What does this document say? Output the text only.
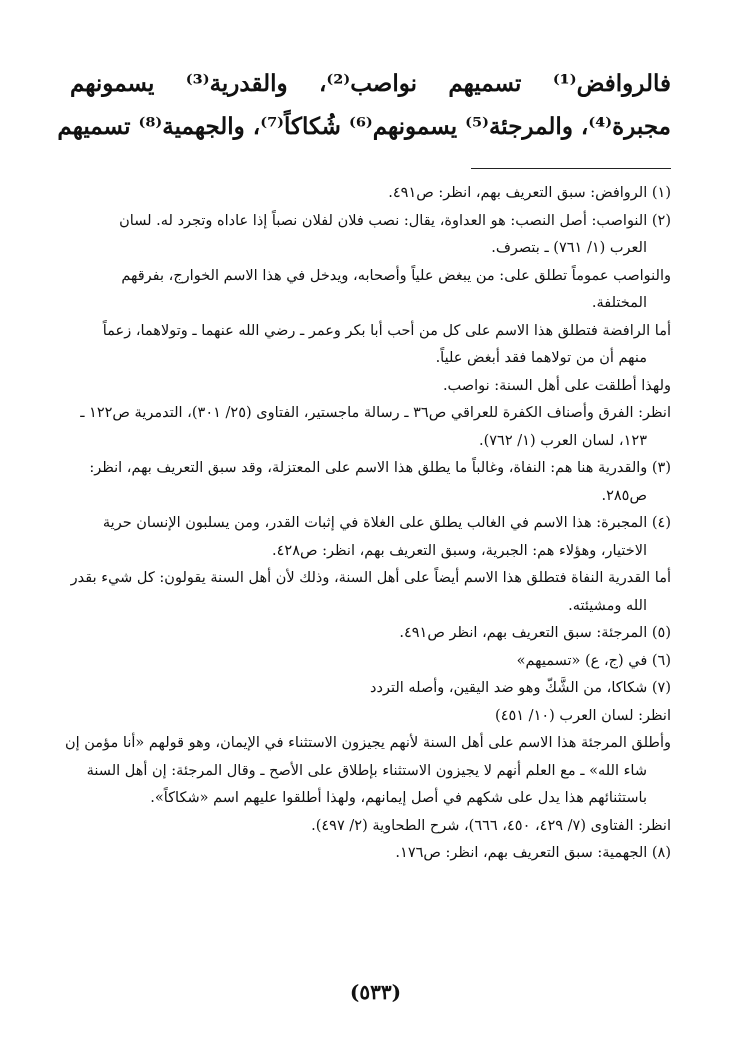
فالروافض⁽¹⁾ تسميهم نواصب⁽²⁾، والقدرية⁽³⁾ يسمونهم
مجبرة⁽⁴⁾، والمرجئة⁽⁵⁾ يسمونهم⁽⁶⁾ شُكاكاً⁽⁷⁾، والجهمية⁽⁸⁾ تسميهم
(١) الروافض: سبق التعريف بهم، انظر: ص٤٩١.
(٢) النواصب: أصل النصب: هو العداوة، يقال: نصب فلان لفلان نصباً إذا عاداه وتجرد له. لسان
العرب (١/ ٧٦١) ـ بتصرف.
والنواصب عموماً تطلق على: من يبغض علياً وأصحابه، ويدخل في هذا الاسم الخوارج، بفرقهم
المختلفة.
أما الرافضة فتطلق هذا الاسم على كل من أحب أبا بكر وعمر ـ رضي الله عنهما ـ وتولاهما، زعماً
منهم أن من تولاهما فقد أبغض علياً.
ولهذا أطلقت على أهل السنة: نواصب.
انظر: الفرق وأصناف الكفرة للعراقي ص٣٦ ـ رسالة ماجستير، الفتاوى (٢٥/ ٣٠١)، التدمرية ص١٢٢ ـ
١٢٣، لسان العرب (١/ ٧٦٢).
(٣) والقدرية هنا هم: النفاة، وغالباً ما يطلق هذا الاسم على المعتزلة، وقد سبق التعريف بهم، انظر:
ص٢٨٥.
(٤) المجبرة: هذا الاسم في الغالب يطلق على الغلاة في إثبات القدر، ومن يسلبون الإنسان حرية
الاختيار، وهؤلاء هم: الجبرية، وسبق التعريف بهم، انظر: ص٤٢٨.
أما القدرية النفاة فتطلق هذا الاسم أيضاً على أهل السنة، وذلك لأن أهل السنة يقولون: كل شيء بقدر
الله ومشيئته.
(٥) المرجئة: سبق التعريف بهم، انظر ص٤٩١.
(٦) في (ج، ع) «تسميهم»
(٧) شكاكا، من الشَّكّ وهو ضد اليقين، وأصله التردد
انظر: لسان العرب (١٠/ ٤٥١)
وأطلق المرجئة هذا الاسم على أهل السنة لأنهم يجيزون الاستثناء في الإيمان، وهو قولهم «أنا مؤمن إن
شاء الله» ـ مع العلم أنهم لا يجيزون الاستثناء بإطلاق على الأصح ـ وقال المرجئة: إن أهل السنة
باستثنائهم هذا يدل على شكهم في أصل إيمانهم، ولهذا أطلقوا عليهم اسم «شكاكاً».
انظر: الفتاوى (٧/ ٤٢٩، ٤٥٠، ٦٦٦)، شرح الطحاوية (٢/ ٤٩٧).
(٨) الجهمية: سبق التعريف بهم، انظر: ص١٧٦.
(٥٣٣)
